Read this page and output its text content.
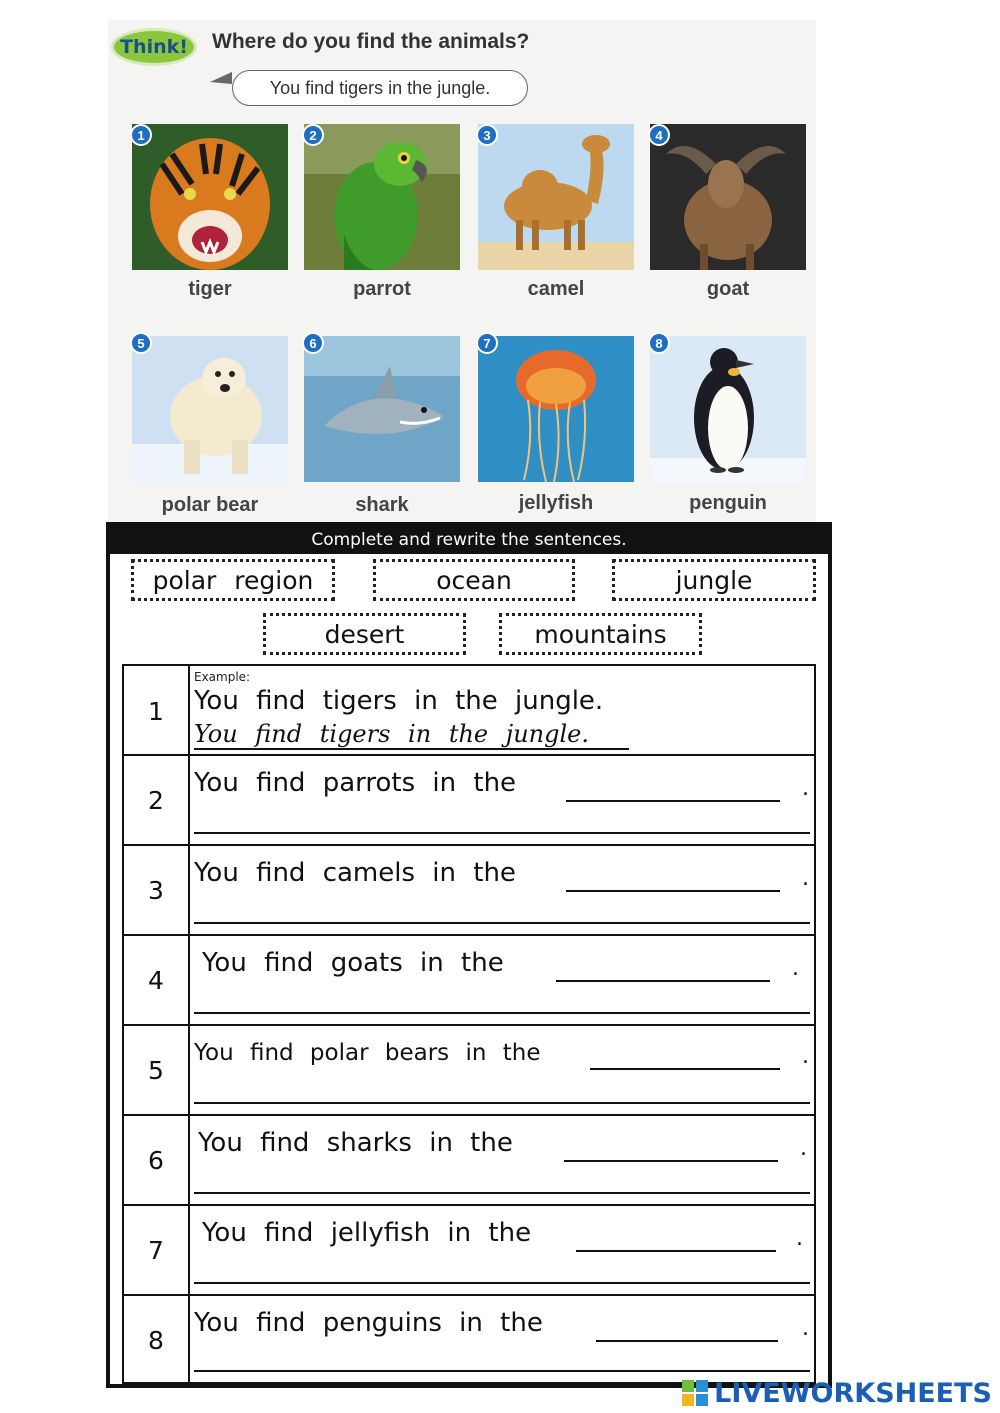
Think!	Where do you find the animals?
You find tigers in the jungle.
1	2	3	4
tiger	parrot	camel	goat
5	6	7	8
polar bear	shark	jellyfish	penguin
Complete and rewrite the sentences.
polar region	ocean	jungle
desert	mountains
1
Example:
You find tigers in the jungle.
You find tigers in the jungle.
2
You find parrots in the	.
3
You find camels in the	.
4
You find goats in the	.
5
You find polar bears in the	.
6
You find sharks in the	.
7
You find jellyfish in the	.
8
You find penguins in the	.
LIVEWORKSHEETS
